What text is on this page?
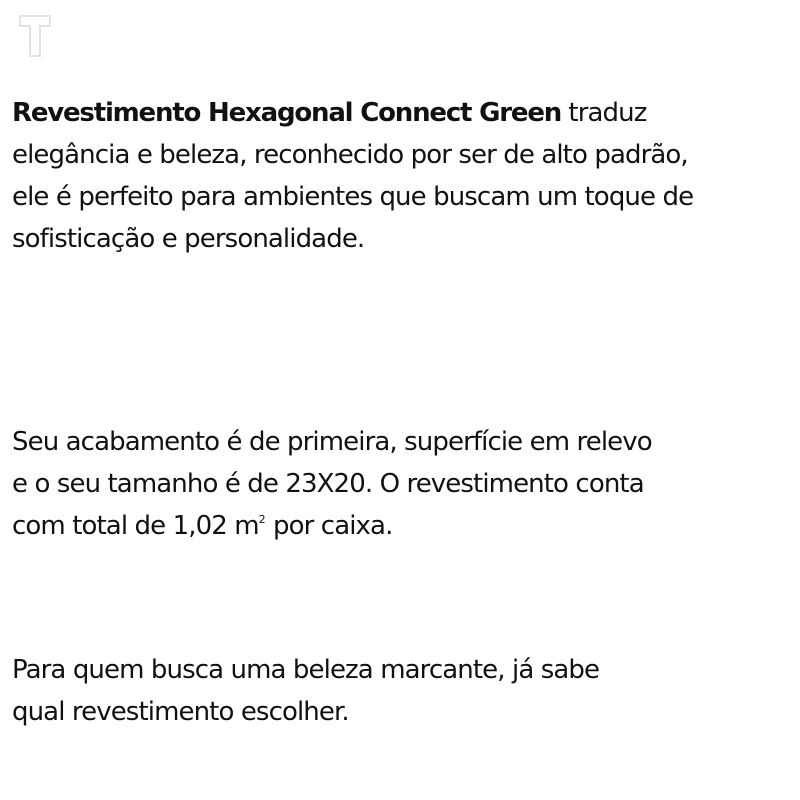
Revestimento Hexagonal Connect Green traduz
elegância e beleza, reconhecido por ser de alto padrão,
ele é perfeito para ambientes que buscam um toque de
sofisticação e personalidade.

Seu acabamento é de primeira, superfície em relevo
e o seu tamanho é de 23X20. O revestimento conta
com total de 1,02 $m^2$ por caixa.

Para quem busca uma beleza marcante, já sabe
qual revestimento escolher.
